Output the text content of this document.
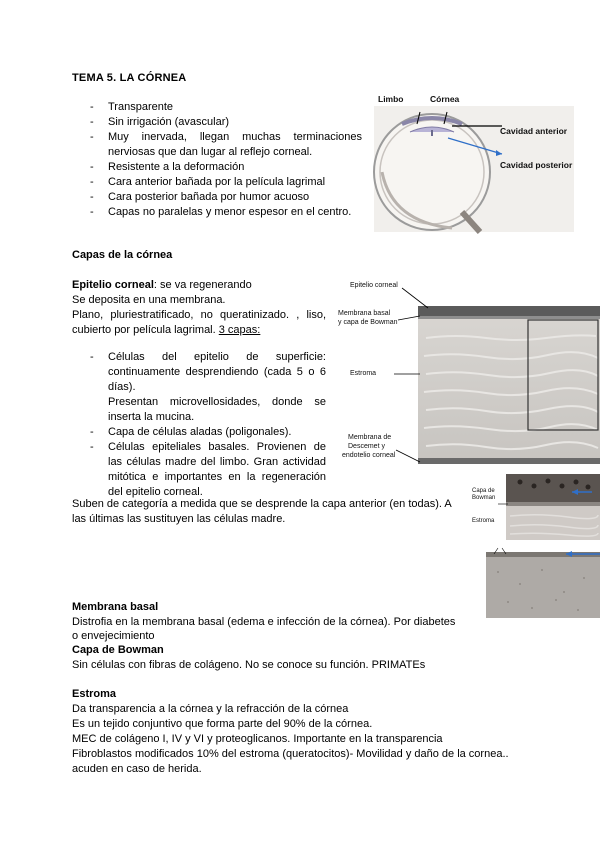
TEMA 5. LA CÓRNEA
- Transparente
- Sin irrigación (avascular)
- Muy inervada, llegan muchas terminaciones
nerviosas que dan lugar al reflejo corneal.
- Resistente a la deformación
- Cara anterior bañada por la película lagrimal
- Cara posterior bañada por humor acuoso
- Capas no paralelas y menor espesor en el centro.
Limbo	Córnea
Cavidad anterior
Cavidad posterior
Capas de la córnea
Epitelio corneal: se va regenerando
Se deposita en una membrana.
Plano, pluriestratificado, no queratinizado. , liso,
cubierto por película lagrimal. 3 capas:
- Células del epitelio de superficie:
continuamente desprendiendo (cada 5 o 6
días).
Presentan microvellosidades, donde se
inserta la mucina.
- Capa de células aladas (poligonales).
- Células epiteliales basales. Provienen de
las células madre del limbo. Gran actividad
mitótica e importantes en la regeneración
del epitelio corneal.
Suben de categoría a medida que se desprende la capa anterior (en todas). A
las últimas las sustituyen las células madre.
Epitelio corneal
Membrana basal
y capa de Bowman
Estroma
Membrana de
Descemet y
endotelio corneal
Capa de
Bowman
Estroma
Membrana basal
Distrofia en la membrana basal (edema e infección de la córnea). Por diabetes
o envejecimiento
Capa de Bowman
Sin células con fibras de colágeno. No se conoce su función. PRIMATEs
Estroma
Da transparencia a la córnea y la refracción de la córnea
Es un tejido conjuntivo que forma parte del 90% de la córnea.
MEC de colágeno I, IV y VI y proteoglicanos. Importante en la transparencia
Fibroblastos modificados 10% del estroma (queratocitos)- Movilidad y daño de la cornea..
acuden en caso de herida.
